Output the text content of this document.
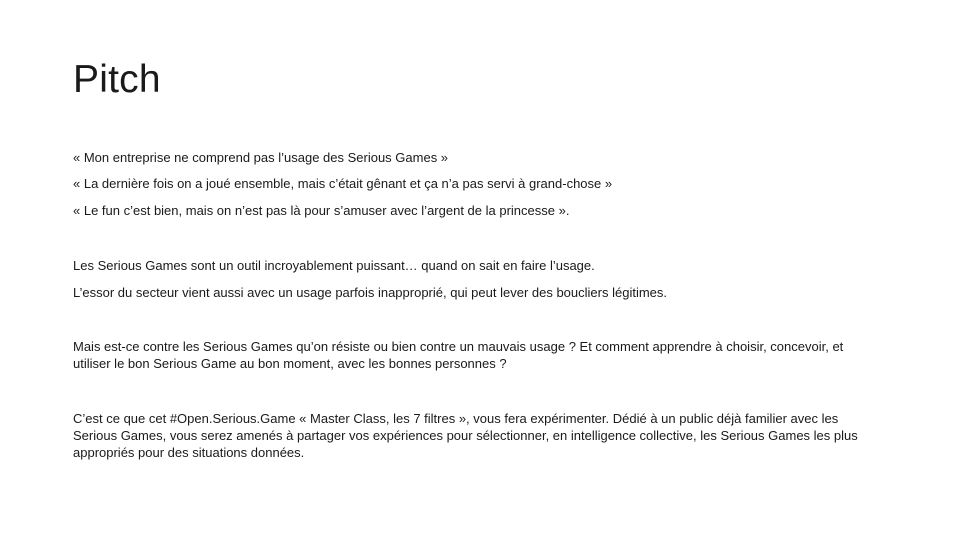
Pitch
« Mon entreprise ne comprend pas l’usage des Serious Games »
« La dernière fois on a joué ensemble, mais c’était gênant et ça n’a pas servi à grand-chose »
« Le fun c’est bien, mais on n’est pas là pour s’amuser avec l’argent de la princesse ».
Les Serious Games sont un outil incroyablement puissant… quand on sait en faire l’usage.
L’essor du secteur vient aussi avec un usage parfois inapproprié, qui peut lever des boucliers légitimes.
Mais est-ce contre les Serious Games qu’on résiste ou bien contre un mauvais usage ? Et comment apprendre à choisir, concevoir, et utiliser le bon Serious Game au bon moment, avec les bonnes personnes ?
C’est ce que cet #Open.Serious.Game « Master Class, les 7 filtres », vous fera expérimenter. Dédié à un public déjà familier avec les Serious Games, vous serez amenés à partager vos expériences pour sélectionner, en intelligence collective, les Serious Games les plus appropriés pour des situations données.
